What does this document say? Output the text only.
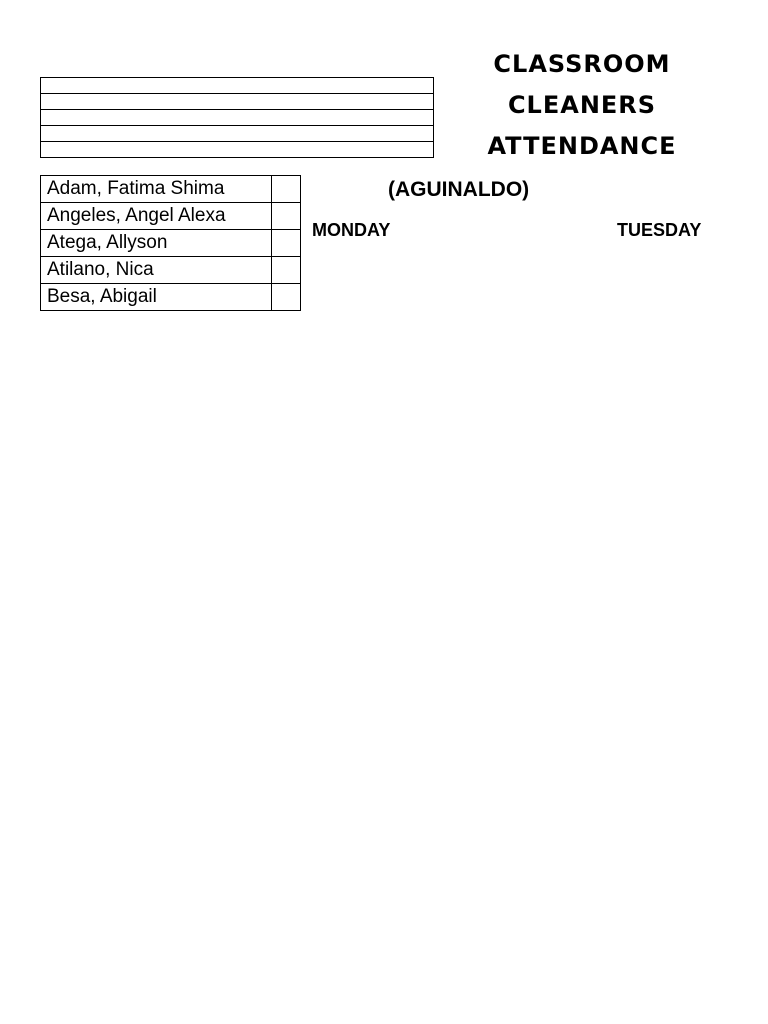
CLASSROOM
CLEANERS
ATTENDANCE
(AGUINALDO)
MONDAY	TUESDAY
Adam, Fatima Shima	
Angeles, Angel Alexa	
Atega, Allyson	
Atilano, Nica	
Besa, Abigail	
